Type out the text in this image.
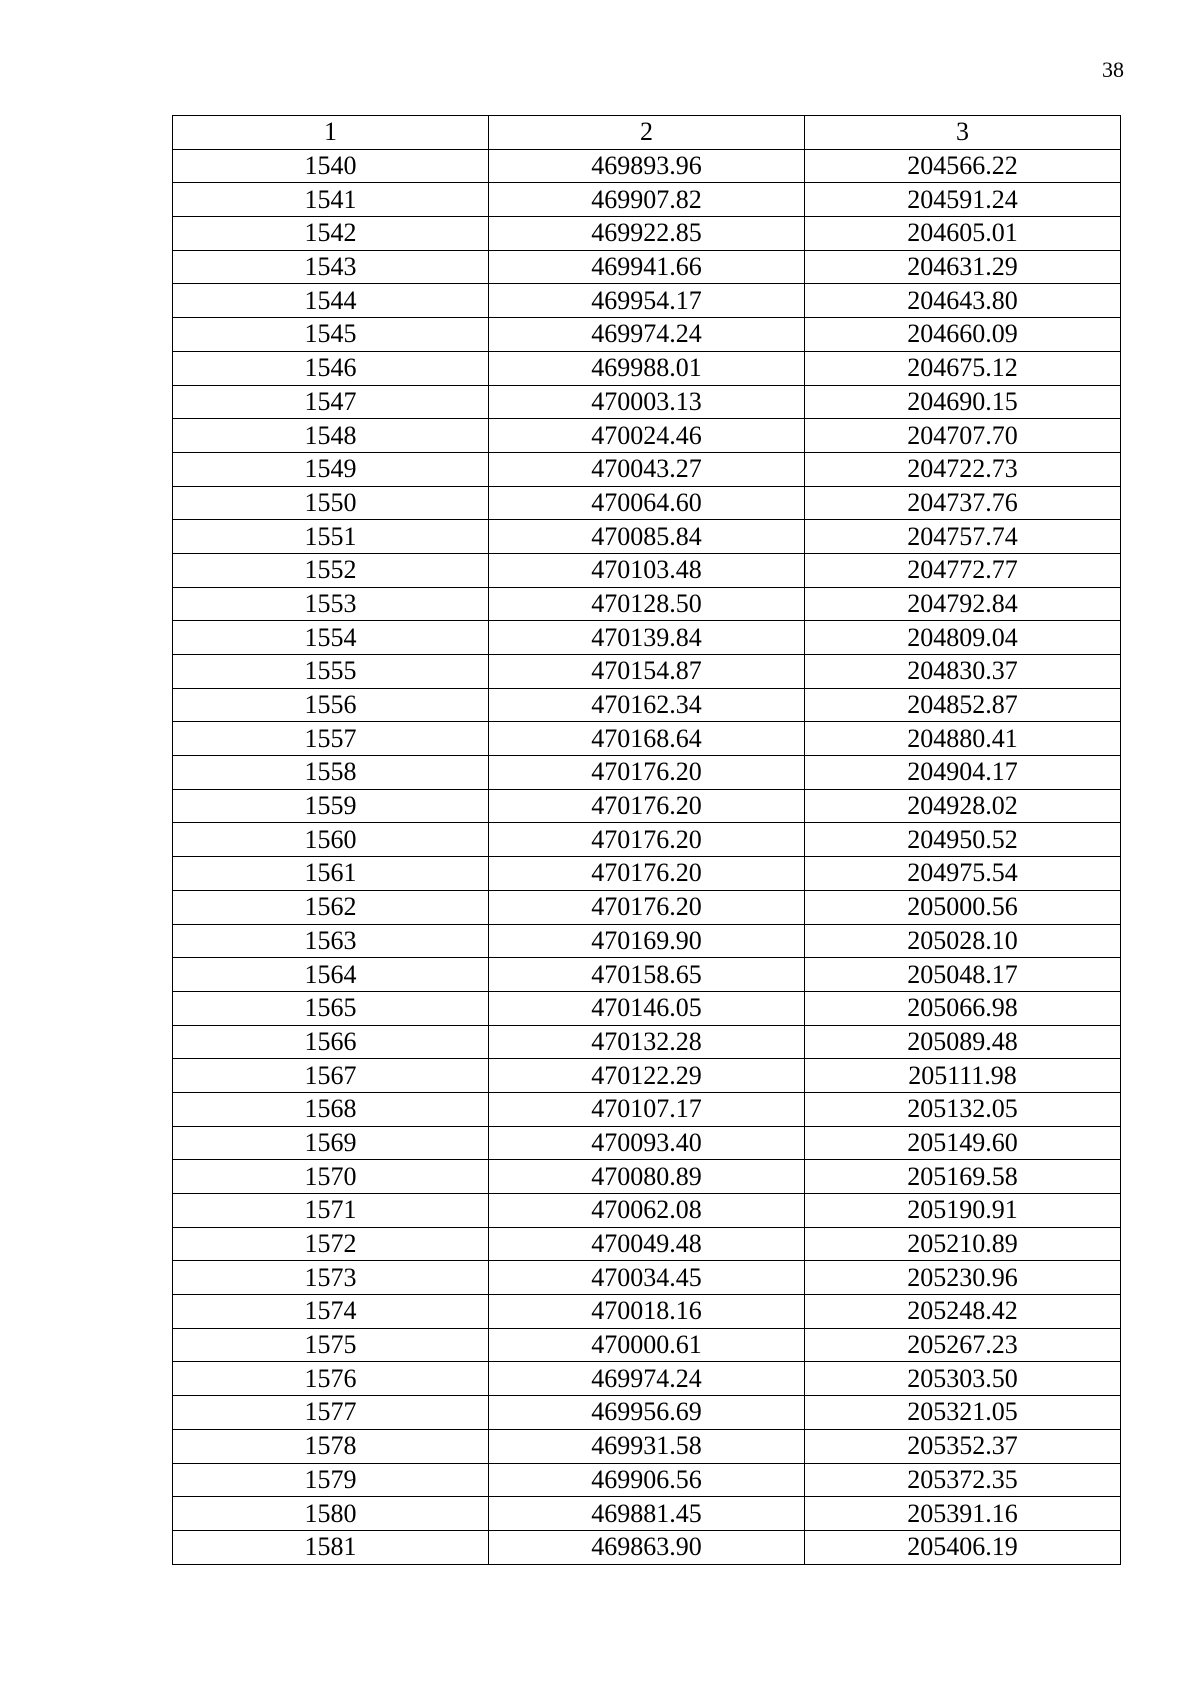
38
1	2	3
1540	469893.96	204566.22
1541	469907.82	204591.24
1542	469922.85	204605.01
1543	469941.66	204631.29
1544	469954.17	204643.80
1545	469974.24	204660.09
1546	469988.01	204675.12
1547	470003.13	204690.15
1548	470024.46	204707.70
1549	470043.27	204722.73
1550	470064.60	204737.76
1551	470085.84	204757.74
1552	470103.48	204772.77
1553	470128.50	204792.84
1554	470139.84	204809.04
1555	470154.87	204830.37
1556	470162.34	204852.87
1557	470168.64	204880.41
1558	470176.20	204904.17
1559	470176.20	204928.02
1560	470176.20	204950.52
1561	470176.20	204975.54
1562	470176.20	205000.56
1563	470169.90	205028.10
1564	470158.65	205048.17
1565	470146.05	205066.98
1566	470132.28	205089.48
1567	470122.29	205111.98
1568	470107.17	205132.05
1569	470093.40	205149.60
1570	470080.89	205169.58
1571	470062.08	205190.91
1572	470049.48	205210.89
1573	470034.45	205230.96
1574	470018.16	205248.42
1575	470000.61	205267.23
1576	469974.24	205303.50
1577	469956.69	205321.05
1578	469931.58	205352.37
1579	469906.56	205372.35
1580	469881.45	205391.16
1581	469863.90	205406.19
